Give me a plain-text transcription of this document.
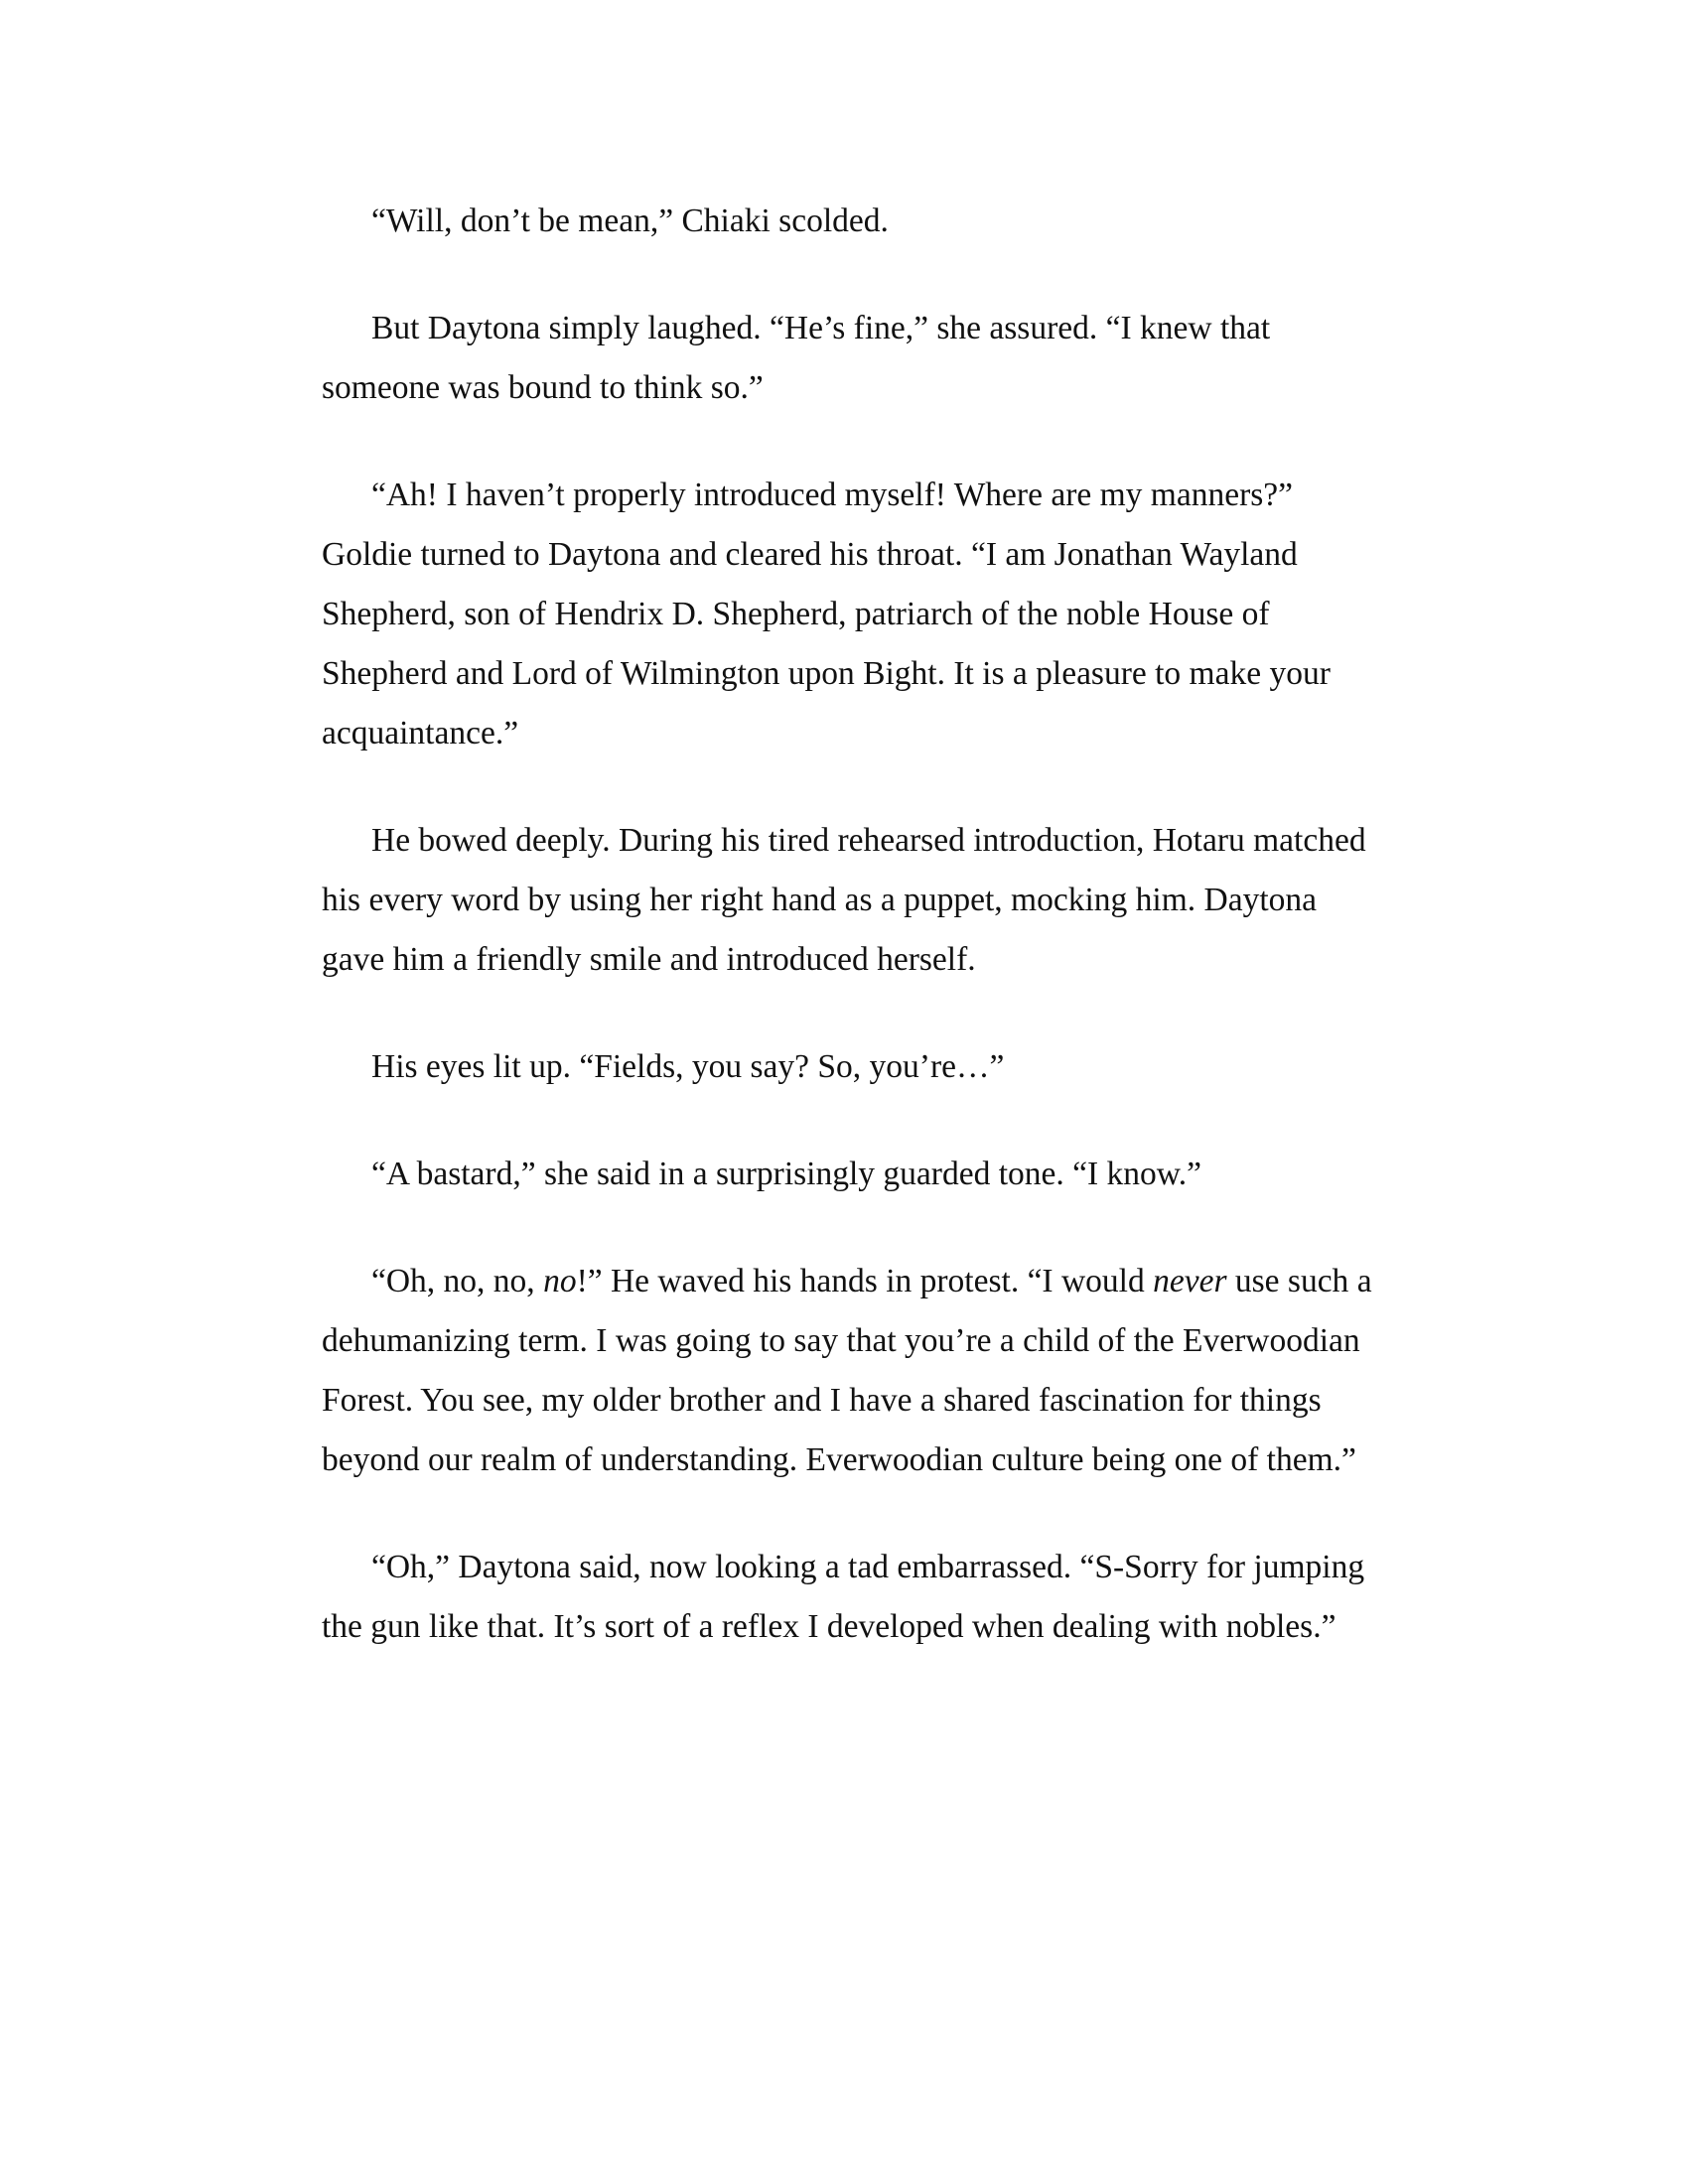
“Will, don’t be mean,” Chiaki scolded.

But Daytona simply laughed. “He’s fine,” she assured. “I knew that someone was bound to think so.”

“Ah! I haven’t properly introduced myself! Where are my manners?” Goldie turned to Daytona and cleared his throat. “I am Jonathan Wayland Shepherd, son of Hendrix D. Shepherd, patriarch of the noble House of Shepherd and Lord of Wilmington upon Bight. It is a pleasure to make your acquaintance.”

He bowed deeply. During his tired rehearsed introduction, Hotaru matched his every word by using her right hand as a puppet, mocking him. Daytona gave him a friendly smile and introduced herself.

His eyes lit up. “Fields, you say? So, you’re…”

“A bastard,” she said in a surprisingly guarded tone. “I know.”

“Oh, no, no, no!” He waved his hands in protest. “I would never use such a dehumanizing term. I was going to say that you’re a child of the Everwoodian Forest. You see, my older brother and I have a shared fascination for things beyond our realm of understanding. Everwoodian culture being one of them.”

“Oh,” Daytona said, now looking a tad embarrassed. “S-Sorry for jumping the gun like that. It’s sort of a reflex I developed when dealing with nobles.”
